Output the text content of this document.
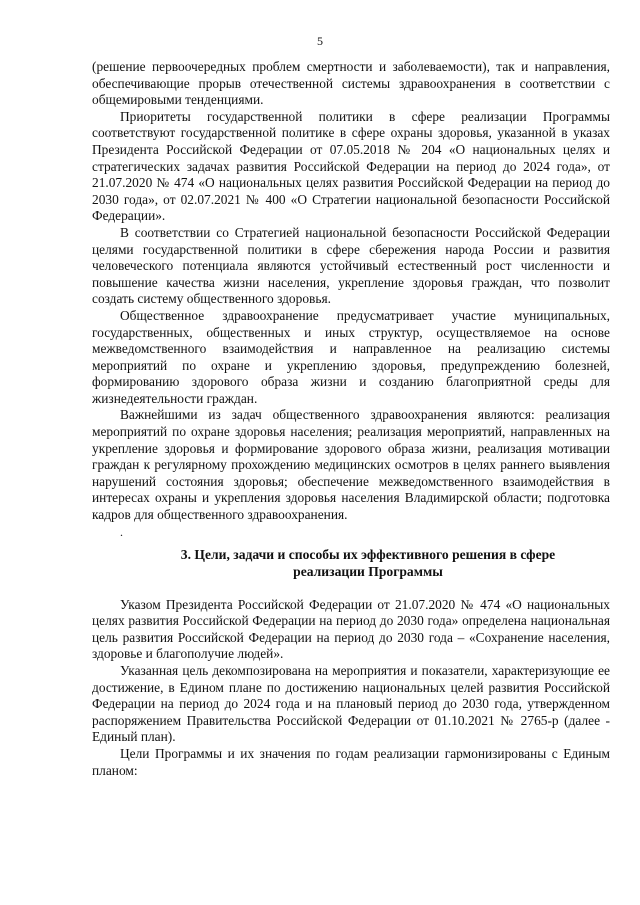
5

(решение первоочередных проблем смертности и заболеваемости), так и направления, обеспечивающие прорыв отечественной системы здравоохранения в соответствии с общемировыми тенденциями.

Приоритеты государственной политики в сфере реализации Программы соответствуют государственной политике в сфере охраны здоровья, указанной в указах Президента Российской Федерации от 07.05.2018 № 204 «О национальных целях и стратегических задачах развития Российской Федерации на период до 2024 года», от 21.07.2020 № 474 «О национальных целях развития Российской Федерации на период до 2030 года», от 02.07.2021 № 400 «О Стратегии национальной безопасности Российской Федерации».

В соответствии со Стратегией национальной безопасности Российской Федерации целями государственной политики в сфере сбережения народа России и развития человеческого потенциала являются устойчивый естественный рост численности и повышение качества жизни населения, укрепление здоровья граждан, что позволит создать систему общественного здоровья.

Общественное здравоохранение предусматривает участие муниципальных, государственных, общественных и иных структур, осуществляемое на основе межведомственного взаимодействия и направленное на реализацию системы мероприятий по охране и укреплению здоровья, предупреждению болезней, формированию здорового образа жизни и созданию благоприятной среды для жизнедеятельности граждан.

Важнейшими из задач общественного здравоохранения являются: реализация мероприятий по охране здоровья населения; реализация мероприятий, направленных на укрепление здоровья и формирование здорового образа жизни, реализация мотивации граждан к регулярному прохождению медицинских осмотров в целях раннего выявления нарушений состояния здоровья; обеспечение межведомственного взаимодействия в интересах охраны и укрепления здоровья населения Владимирской области; подготовка кадров для общественного здравоохранения.

.
3. Цели, задачи и способы их эффективного решения в сфере
реализации Программы

Указом Президента Российской Федерации от 21.07.2020 № 474 «О национальных целях развития Российской Федерации на период до 2030 года» определена национальная цель развития Российской Федерации на период до 2030 года – «Сохранение населения, здоровье и благополучие людей».

Указанная цель декомпозирована на мероприятия и показатели, характеризующие ее достижение, в Едином плане по достижению национальных целей развития Российской Федерации на период до 2024 года и на плановый период до 2030 года, утвержденном распоряжением Правительства Российской Федерации от 01.10.2021 № 2765-р (далее - Единый план).

Цели Программы и их значения по годам реализации гармонизированы с Единым планом:
